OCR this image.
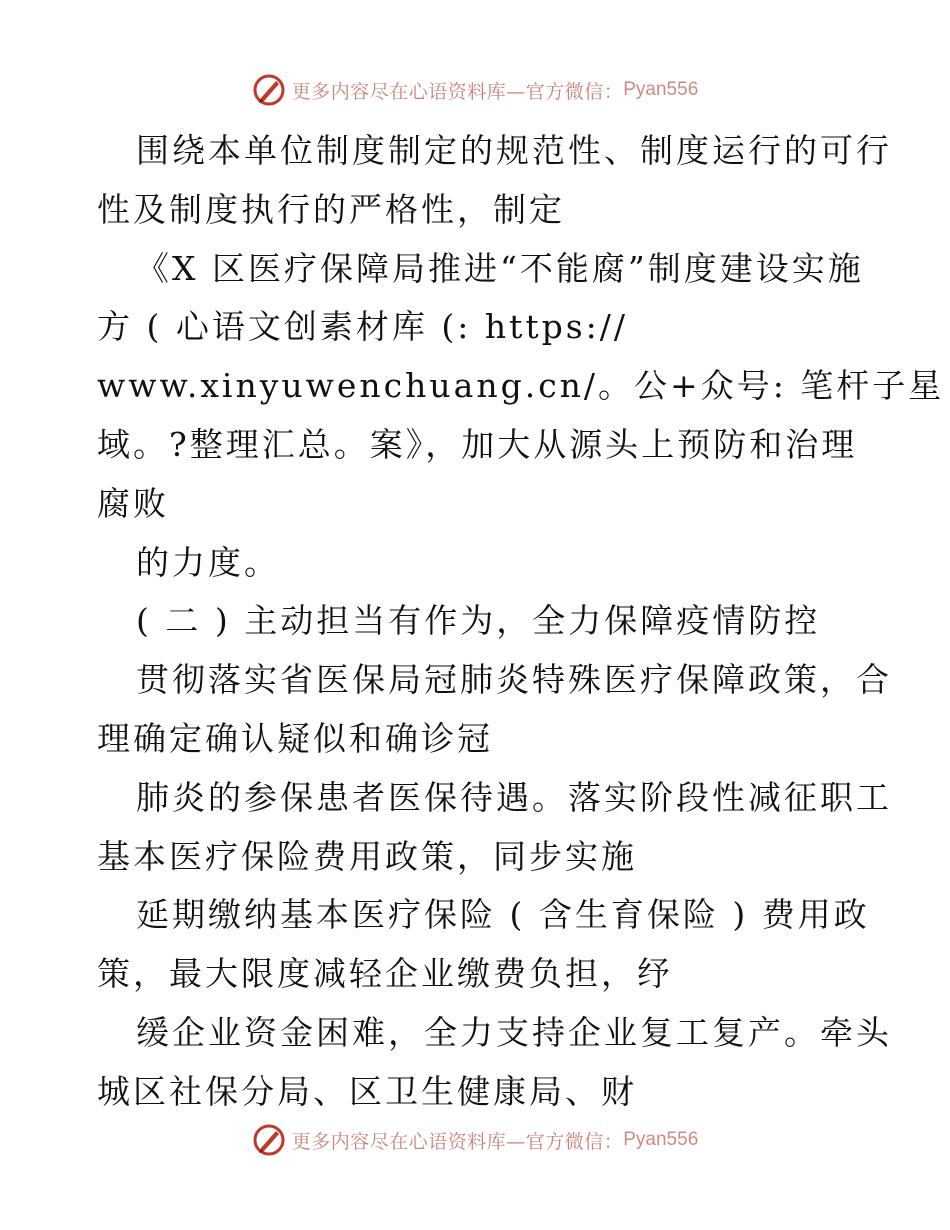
更多内容尽在心语资料库—官方微信： Pyan556
围绕本单位制度制定的规范性、制度运行的可行
性及制度执行的严格性，制定
《X 区医疗保障局推进“不能腐”制度建设实施
方 ( 心语文创素材库 (: https://
www.xinyuwenchuang.cn/。公+众号: 笔杆子星
域。?整理汇总。案》，加大从源头上预防和治理
腐败
的力度。
( 二 ) 主动担当有作为，全力保障疫情防控
贯彻落实省医保局冠肺炎特殊医疗保障政策，合
理确定确认疑似和确诊冠
肺炎的参保患者医保待遇。落实阶段性减征职工
基本医疗保险费用政策，同步实施
延期缴纳基本医疗保险 ( 含生育保险 ) 费用政
策，最大限度减轻企业缴费负担，纾
缓企业资金困难，全力支持企业复工复产。牵头
城区社保分局、区卫生健康局、财
更多内容尽在心语资料库—官方微信： Pyan556
